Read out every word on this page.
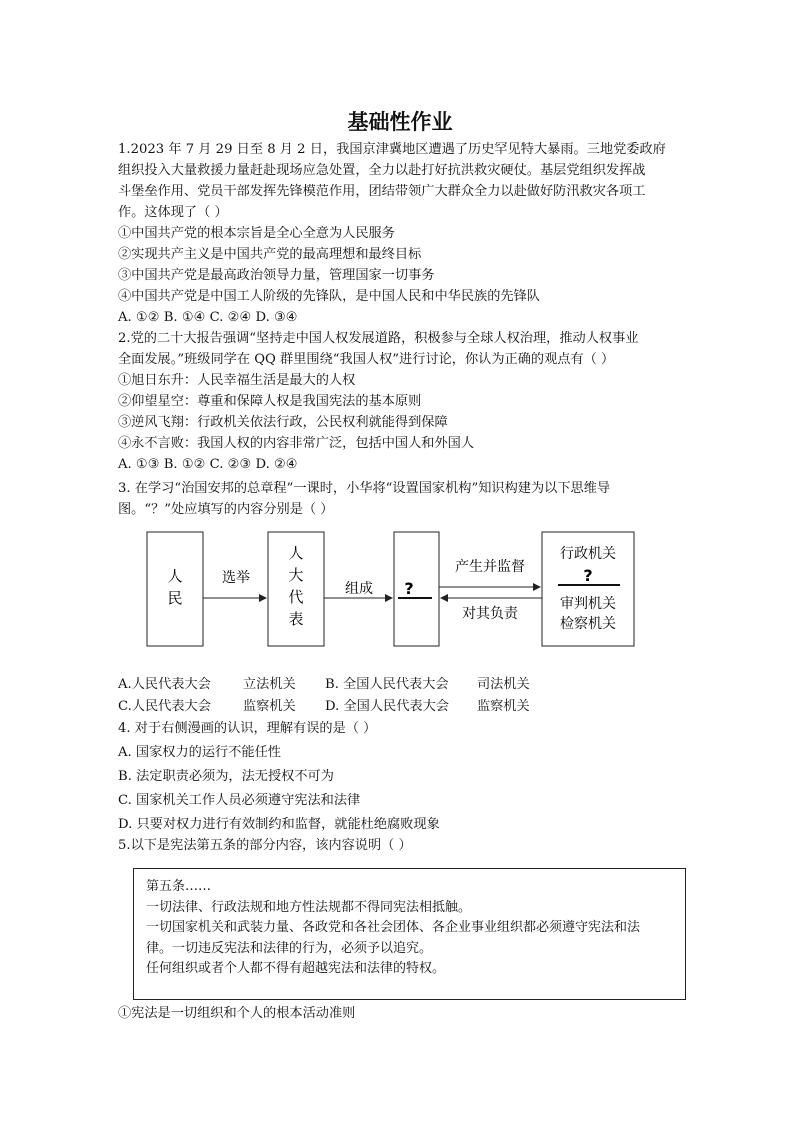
基础性作业
1.2023 年 7 月 29 日至 8 月 2 日，我国京津冀地区遭遇了历史罕见特大暴雨。三地党委政府
组织投入大量救援力量赶赴现场应急处置，全力以赴打好抗洪救灾硬仗。基层党组织发挥战
斗堡垒作用、党员干部发挥先锋模范作用，团结带领广大群众全力以赴做好防汛救灾各项工
作。这体现了（ ）
①中国共产党的根本宗旨是全心全意为人民服务
②实现共产主义是中国共产党的最高理想和最终目标
③中国共产党是最高政治领导力量，管理国家一切事务
④中国共产党是中国工人阶级的先锋队，是中国人民和中华民族的先锋队
A. ①② B. ①④ C. ②④ D. ③④
2.党的二十大报告强调“坚持走中国人权发展道路，积极参与全球人权治理，推动人权事业
全面发展。”班级同学在 QQ 群里围绕“我国人权”进行讨论，你认为正确的观点有（ ）
①旭日东升：人民幸福生活是最大的人权
②仰望星空：尊重和保障人权是我国宪法的基本原则
③逆风飞翔：行政机关依法行政，公民权利就能得到保障
④永不言败：我国人权的内容非常广泛，包括中国人和外国人
A. ①③ B. ①② C. ②③ D. ②④
3. 在学习“治国安邦的总章程”一课时，小华将“设置国家机构”知识构建为以下思维导
图。“？”处应填写的内容分别是（ ）
人
民
选举
人
大
代
表
组成 ?
产生并监督
对其负责
行政机关
?
审判机关
检察机关
A.人民代表大会 立法机关 B. 全国人民代表大会 司法机关
C.人民代表大会 监察机关 D. 全国人民代表大会 监察机关
4. 对于右侧漫画的认识，理解有误的是（ ）
A. 国家权力的运行不能任性
B. 法定职责必须为，法无授权不可为
C. 国家机关工作人员必须遵守宪法和法律
D. 只要对权力进行有效制约和监督，就能杜绝腐败现象
5.以下是宪法第五条的部分内容，该内容说明（ ）
第五条……
一切法律、行政法规和地方性法规都不得同宪法相抵触。
一切国家机关和武装力量、各政党和各社会团体、各企业事业组织都必须遵守宪法和法
律。一切违反宪法和法律的行为，必须予以追究。
任何组织或者个人都不得有超越宪法和法律的特权。
①宪法是一切组织和个人的根本活动准则
